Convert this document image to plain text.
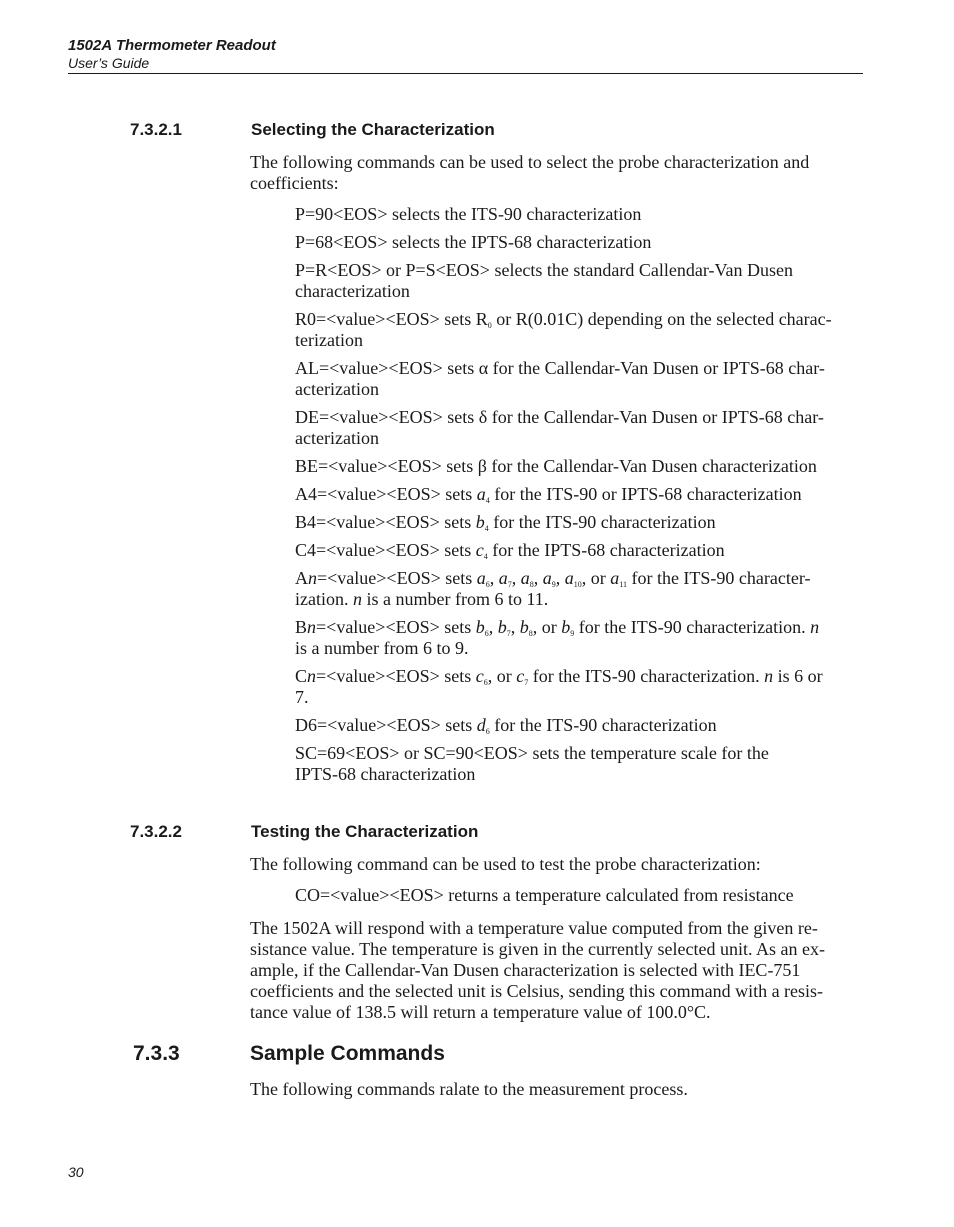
1502A Thermometer Readout
User’s Guide
7.3.2.1	Selecting the Characterization
The following commands can be used to select the probe characterization and
coefficients:
P=90<EOS> selects the ITS-90 characterization
P=68<EOS> selects the IPTS-68 characterization
P=R<EOS> or P=S<EOS> selects the standard Callendar-Van Dusen
characterization
R0=<value><EOS> sets $R_0$ or R(0.01C) depending on the selected charac-
terization
AL=<value><EOS> sets α for the Callendar-Van Dusen or IPTS-68 char-
acterization
DE=<value><EOS> sets δ for the Callendar-Van Dusen or IPTS-68 char-
acterization
BE=<value><EOS> sets β for the Callendar-Van Dusen characterization
A4=<value><EOS> sets $a_4$ for the ITS-90 or IPTS-68 characterization
B4=<value><EOS> sets $b_4$ for the ITS-90 characterization
C4=<value><EOS> sets $c_4$ for the IPTS-68 characterization
An=<value><EOS> sets $a_6$, $a_7$, $a_8$, $a_9$, $a_{10}$, or $a_{11}$ for the ITS-90 character-
ization. n is a number from 6 to 11.
Bn=<value><EOS> sets $b_6$, $b_7$, $b_8$, or $b_9$ for the ITS-90 characterization. n
is a number from 6 to 9.
Cn=<value><EOS> sets $c_6$, or $c_7$ for the ITS-90 characterization. n is 6 or
7.
D6=<value><EOS> sets $d_6$ for the ITS-90 characterization
SC=69<EOS> or SC=90<EOS> sets the temperature scale for the
IPTS-68 characterization
7.3.2.2	Testing the Characterization
The following command can be used to test the probe characterization:
CO=<value><EOS> returns a temperature calculated from resistance
The 1502A will respond with a temperature value computed from the given re-
sistance value. The temperature is given in the currently selected unit. As an ex-
ample, if the Callendar-Van Dusen characterization is selected with IEC-751
coefficients and the selected unit is Celsius, sending this command with a resis-
tance value of 138.5 will return a temperature value of 100.0°C.
7.3.3	Sample Commands
The following commands ralate to the measurement process.
30
